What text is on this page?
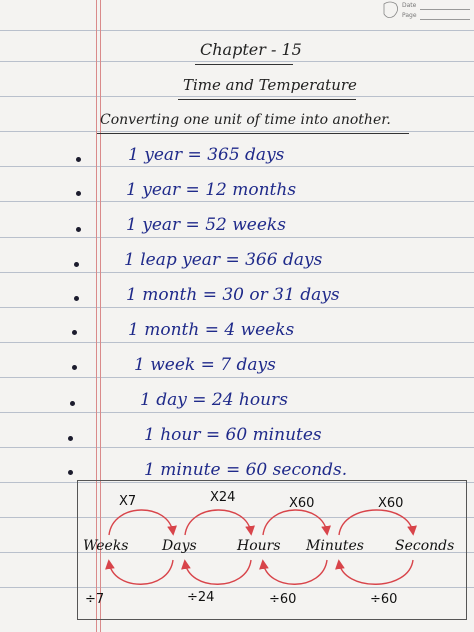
Date
Page
Chapter - 15
Time and Temperature
Converting one unit of time into another.
1 year = 365 days
1 year = 12 months
1 year = 52 weeks
1 leap year = 366 days
1 month = 30 or 31 days
1 month = 4 weeks
1 week = 7 days
1 day = 24 hours
1 hour = 60 minutes
1 minute = 60 seconds.
X7	X24	X60	X60
Weeks Days	Hours Minutes Seconds
÷7	÷24	÷60	÷60
